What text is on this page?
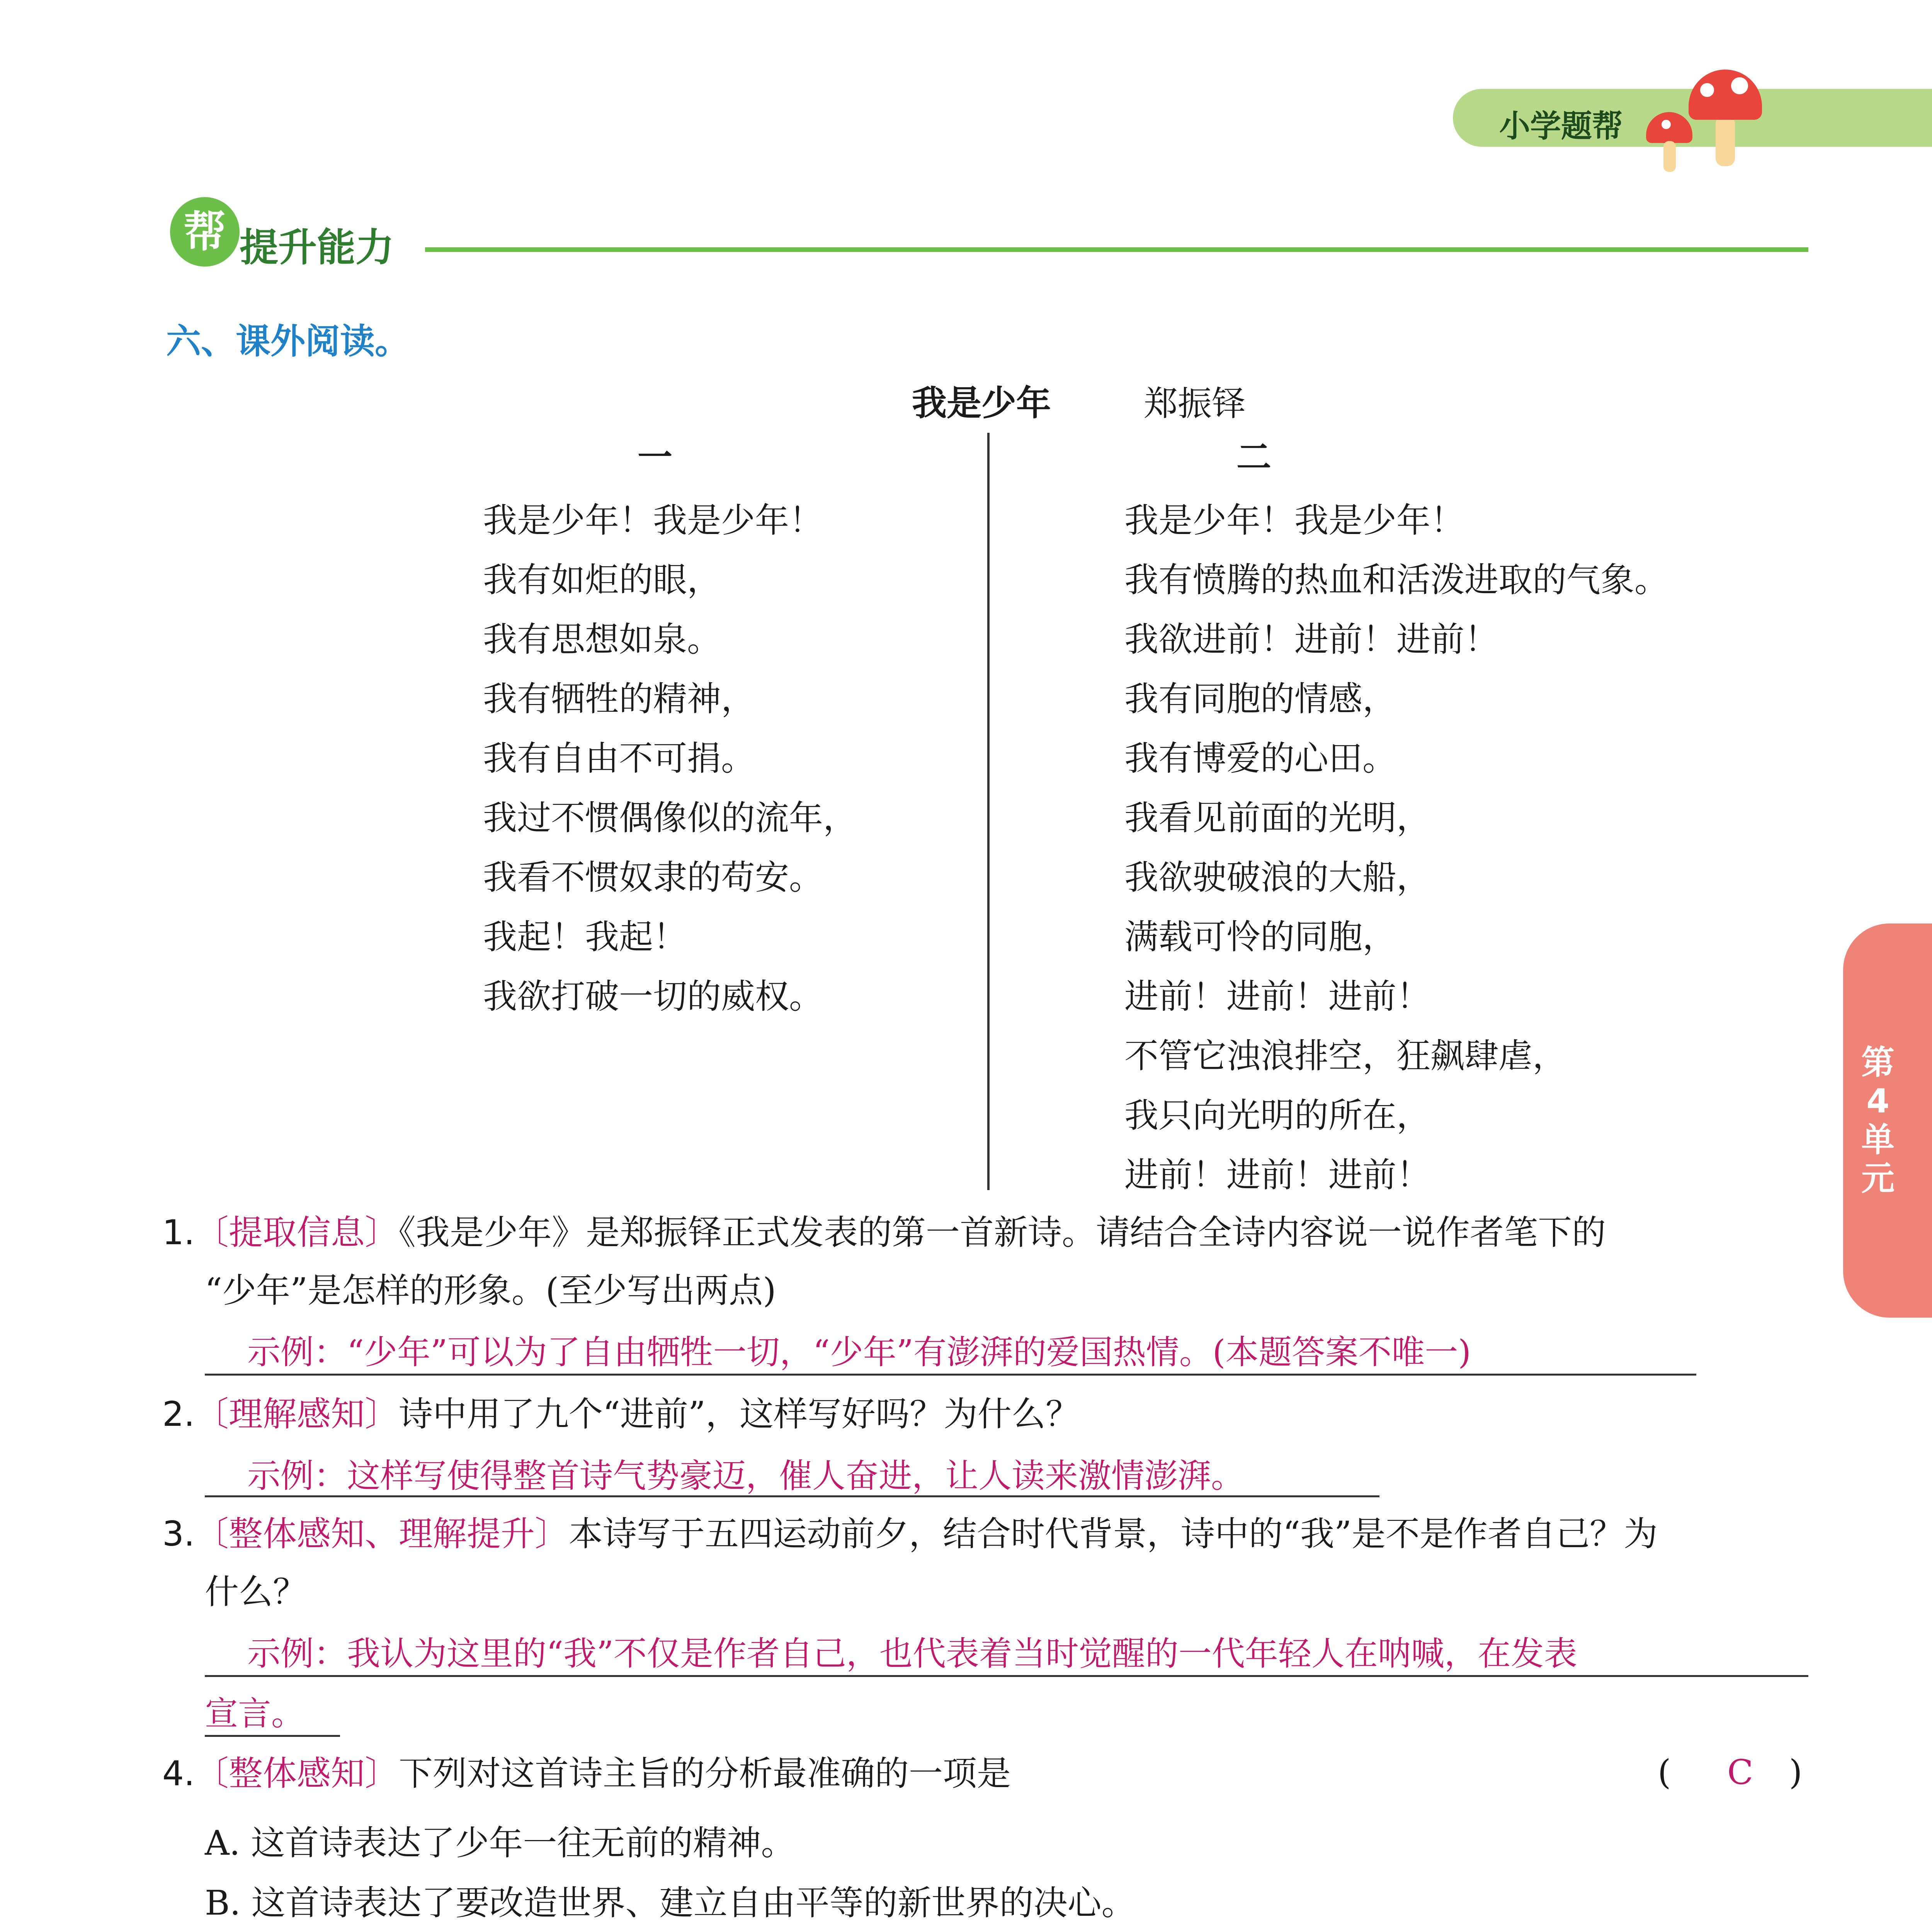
小学题帮
帮 提升能力
六、课外阅读。
我是少年	郑振铎
一	二
我是少年！我是少年！
我有如炬的眼，
我有思想如泉。
我有牺牲的精神，
我有自由不可捐。
我过不惯偶像似的流年，
我看不惯奴隶的苟安。
我起！我起！
我欲打破一切的威权。
我是少年！我是少年！
我有愤腾的热血和活泼进取的气象。
我欲进前！进前！进前！
我有同胞的情感，
我有博爱的心田。
我看见前面的光明，
我欲驶破浪的大船，
满载可怜的同胞，
进前！进前！进前！
不管它浊浪排空，狂飙肆虐，
我只向光明的所在，
进前！进前！进前！
1.〔提取信息〕《我是少年》是郑振铎正式发表的第一首新诗。请结合全诗内容说一说作者笔下的
“少年”是怎样的形象。(至少写出两点)
示例：“少年”可以为了自由牺牲一切，“少年”有澎湃的爱国热情。(本题答案不唯一)
2.〔理解感知〕诗中用了九个“进前”，这样写好吗？为什么？
示例：这样写使得整首诗气势豪迈，催人奋进，让人读来激情澎湃。
3.〔整体感知、理解提升〕本诗写于五四运动前夕，结合时代背景，诗中的“我”是不是作者自己？为
什么？
示例：我认为这里的“我”不仅是作者自己，也代表着当时觉醒的一代年轻人在呐喊，在发表
宣言。
4.〔整体感知〕下列对这首诗主旨的分析最准确的一项是	( C )
A. 这首诗表达了少年一往无前的精神。
B. 这首诗表达了要改造世界、建立自由平等的新世界的决心。
第4单元
